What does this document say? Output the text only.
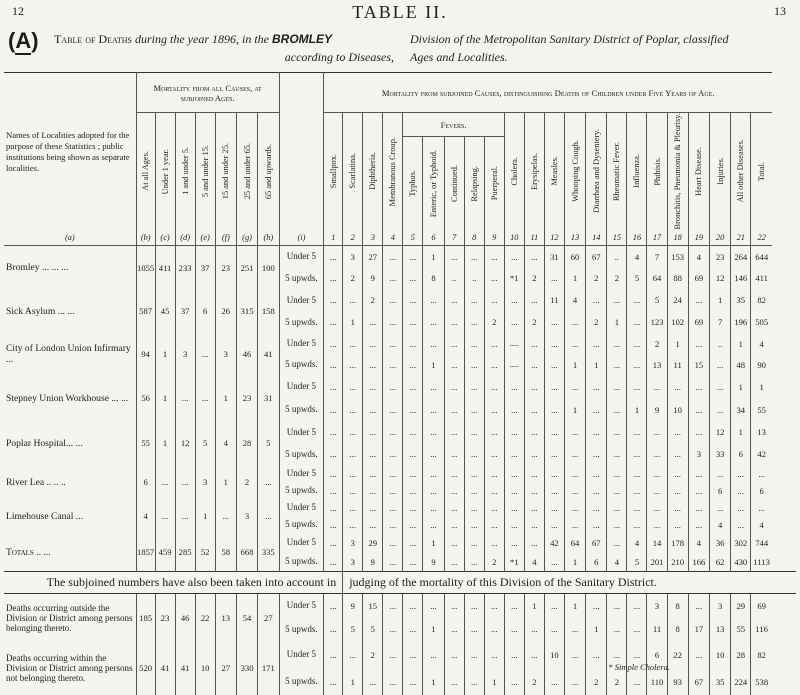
12	TABLE II.	13
(A) Table of Deaths during the year 1896, in the BROMLEY
according to Diseases,
Division of the Metropolitan Sanitary District of Poplar, classified
Ages and Localities.
Names of Localities adopted for the purpose of these Statistics ; public institutions being shown as separate localities.	Mortality from all Causes, at subjoined Ages.								Mortality from subjoined Causes, distinguishing Deaths of Children under Five Years of Age.																					
	At all Ages.	Under 1 year.	1 and under 5.	5 and under 15.	15 and under 25.	25 and under 65.	65 and upwards.		Smallpox.	Scarlatina.	Diphtheria.	Membranous Croup.	Fevers.					Cholera.	Erysipelas.	Measles.	Whooping Cough.	Diarrhœa and Dysentery.	Rheumatic Fever.	Influenza.	Phthisis.	Bronchitis, Pneumonia & Pleurisy.	Heart Disease.	Injuries.	All other Diseases.	Total.
													Typhus.	Enteric, or Typhoid.	Continued.	Relapsing.	Puerperal.													
(a)	(b)	(c)	(d)	(e)	(f)	(g)	(h)	(i)	1	2	3	4	5	6	7	8	9	10	11	12	13	14	15	16	17	18	19	20	21	22
Bromley ... ... ...	1055	411	233	37	23	251	100	Under 5	...	3	27	...	...	1	...	...	...	...	...	31	60	67	..	4	7	153	4	23	264	644
								5 upwds.	...	2	9	...	...	8	..	..	...	*1	2	...	1	2	2	5	64	88	69	12	146	411
Sick Asylum ... ...	587	45	37	6	26	315	158	Under 5	...	...	2	...	...	...	...	...	...	...	...	11	4	...	...	...	5	24	...	1	35	82
								5 upwds.	...	1	...	...	...	...	...	...	2	...	2	...	...	2	1	...	123	102	69	7	196	505
City of London Union Infirmary ...	94	1	3	...	3	46	41	Under 5	...	...	...	...	...	...	...	...	...	—	...	...	...	...	...	...	2	1	...	..	1	4
								5 upwds.	...	...	...	...	...	1	...	...	...	—	...	...	1	1	...	...	13	11	15	...	48	90
Stepney Union Workhouse ... ...	56	1	...	...	1	23	31	Under 5	...	...	...	...	...	...	...	...	...	...	...	...	...	...	...	...	...	...	...	...	1	1
								5 upwds.	...	...	...	...	...	...	...	...	...	...	...	...	1	...	...	1	9	10	...	...	34	55
Poplar Hospital... ...	55	1	12	5	4	28	5	Under 5	...	...	...	...	...	...	...	...	...	...	...	...	...	...	...	...	...	...	...	12	1	13
								5 upwds.	...	...	...	...	...	...	...	...	...	...	...	...	...	...	...	...	...	...	3	33	6	42
River Lea .. .. ..	6	...	...	3	1	2	...	Under 5	...	...	...	...	...	...	...	...	...	...	...	...	...	...	...	...	...	...	...	...	...	...
								5 upwds.	...	...	...	...	...	...	...	...	...	...	...	...	...	...	...	...	...	...	...	6	...	6
Limehouse Canal ...	4	...	...	1	...	3	...	Under 5	...	...	...	...	...	...	...	...	...	...	...	...	...	...	...	...	...	...	...	...	...	...
								5 upwds.	...	...	...	...	...	...	...	...	...	...	...	...	...	...	...	...	...	...	...	4	...	4
Totals .. ...	1857	459	285	52	58	668	335	Under 5	...	3	29	...	...	1	...	...	...	...	...	42	64	67	...	4	14	178	4	36	302	744
								5 upwds.	...	3	9	...	...	9	...	...	2	*1	4	...	1	6	4	5	201	210	166	62	430	1113
The subjoined numbers have also been taken into account in										judging of the mortality of this Division of the Sanitary District.																				
Deaths occurring outside the Division or District among persons belonging thereto.	185	23	46	22	13	54	27	Under 5	...	9	15	...	...	...	...	...	...	...	1	...	1	...	...	...	3	8	...	3	29	69
								5 upwds.	...	5	5	...	...	1	...	...	...	...	...	...	...	1	...	...	11	8	17	13	55	116
Deaths occurring within the Division or District among persons not belonging thereto.	520	41	41	10	27	330	171	Under 5	...	...	2	...	...	...	...	...	...	...	...	10	...	...	...	...	6	22	...	10	28	82
								5 upwds.	...	1	...	...	...	1	...	...	1	...	2	...	...	2	2	...	110	93	67	35	224	538
* Simple Cholera.
